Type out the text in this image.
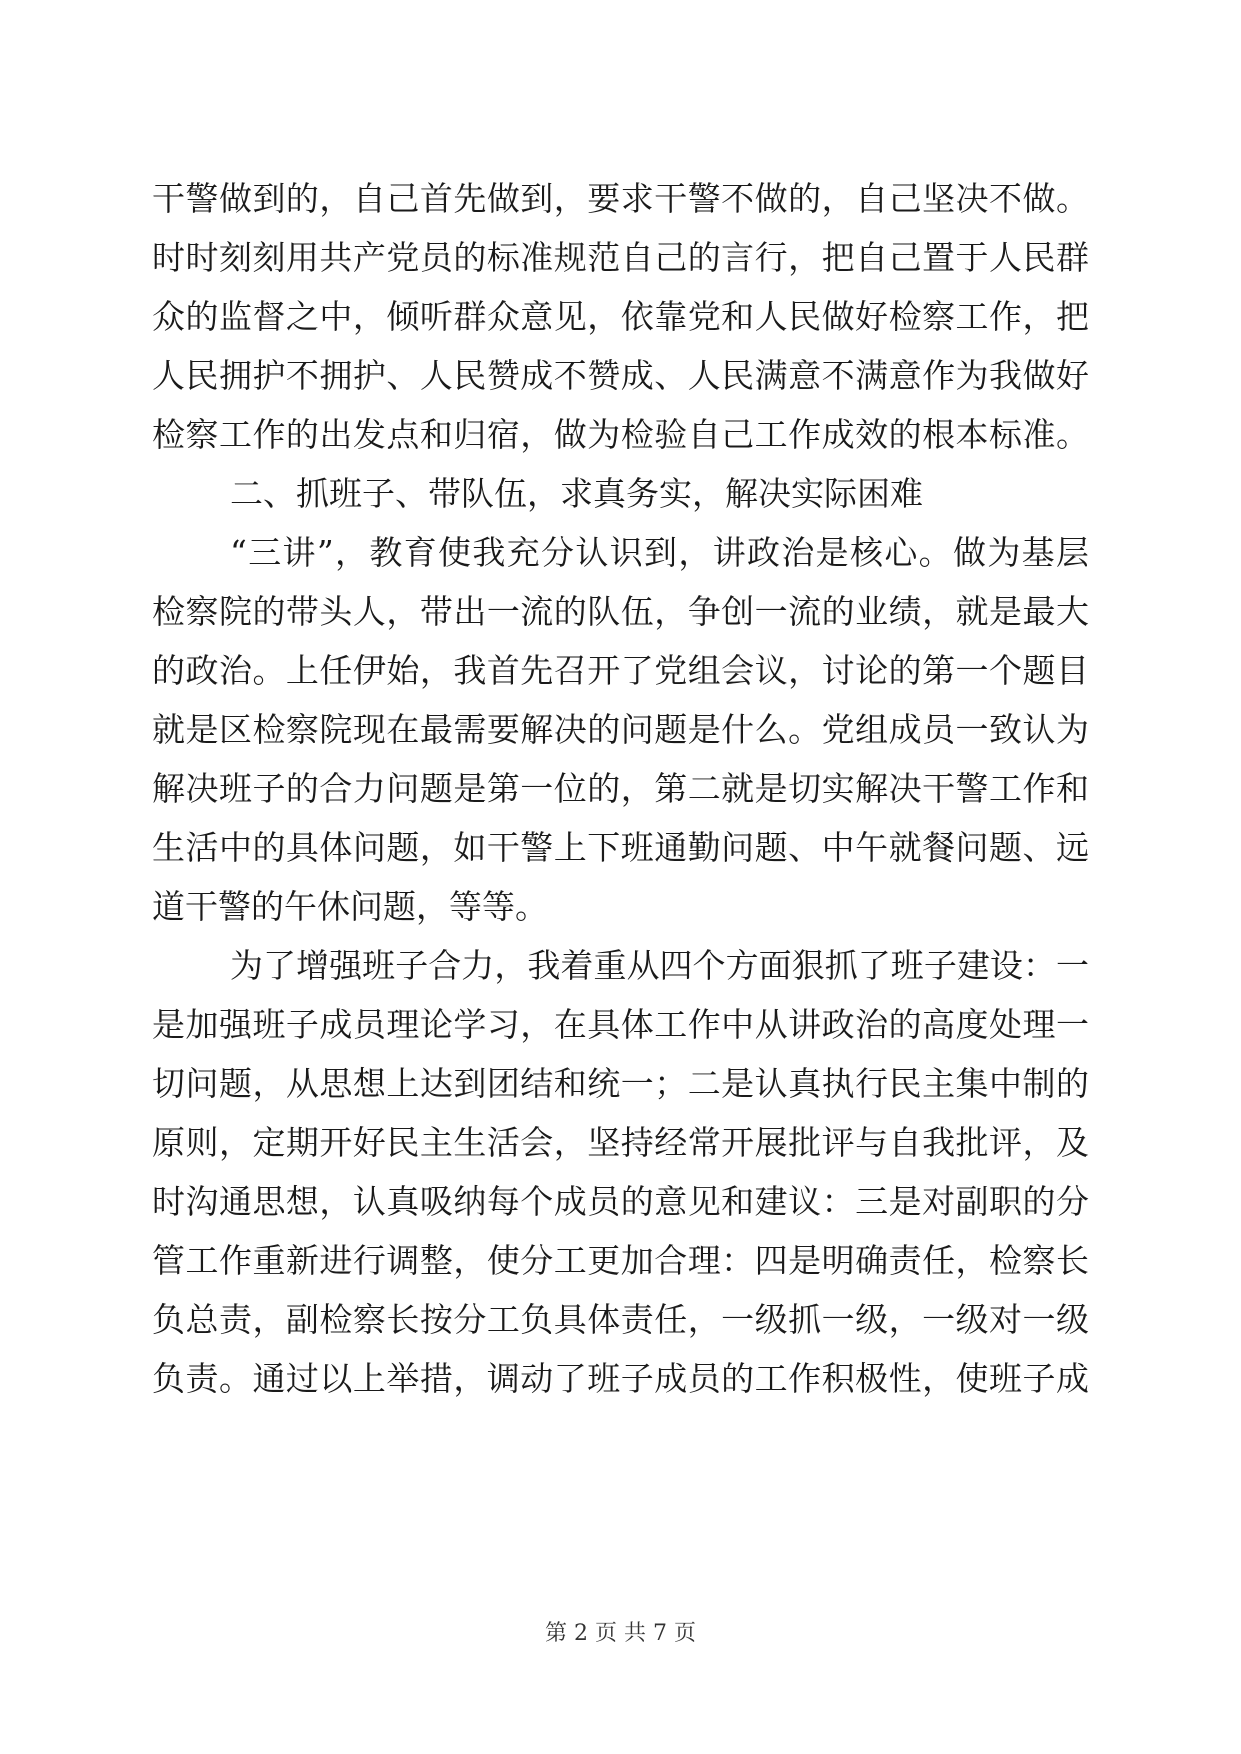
干警做到的，自己首先做到，要求干警不做的，自己坚决不做。
时时刻刻用共产党员的标准规范自己的言行，把自己置于人民群
众的监督之中，倾听群众意见，依靠党和人民做好检察工作，把
人民拥护不拥护、人民赞成不赞成、人民满意不满意作为我做好
检察工作的出发点和归宿，做为检验自己工作成效的根本标准。
二、抓班子、带队伍，求真务实，解决实际困难
“三讲”，教育使我充分认识到，讲政治是核心。做为基层
检察院的带头人，带出一流的队伍，争创一流的业绩，就是最大
的政治。上任伊始，我首先召开了党组会议，讨论的第一个题目
就是区检察院现在最需要解决的问题是什么。党组成员一致认为
解决班子的合力问题是第一位的，第二就是切实解决干警工作和
生活中的具体问题，如干警上下班通勤问题、中午就餐问题、远
道干警的午休问题，等等。
为了增强班子合力，我着重从四个方面狠抓了班子建设：一
是加强班子成员理论学习，在具体工作中从讲政治的高度处理一
切问题，从思想上达到团结和统一；二是认真执行民主集中制的
原则，定期开好民主生活会，坚持经常开展批评与自我批评，及
时沟通思想，认真吸纳每个成员的意见和建议：三是对副职的分
管工作重新进行调整，使分工更加合理：四是明确责任，检察长
负总责，副检察长按分工负具体责任，一级抓一级，一级对一级
负责。通过以上举措，调动了班子成员的工作积极性，使班子成
第 2 页 共 7 页
